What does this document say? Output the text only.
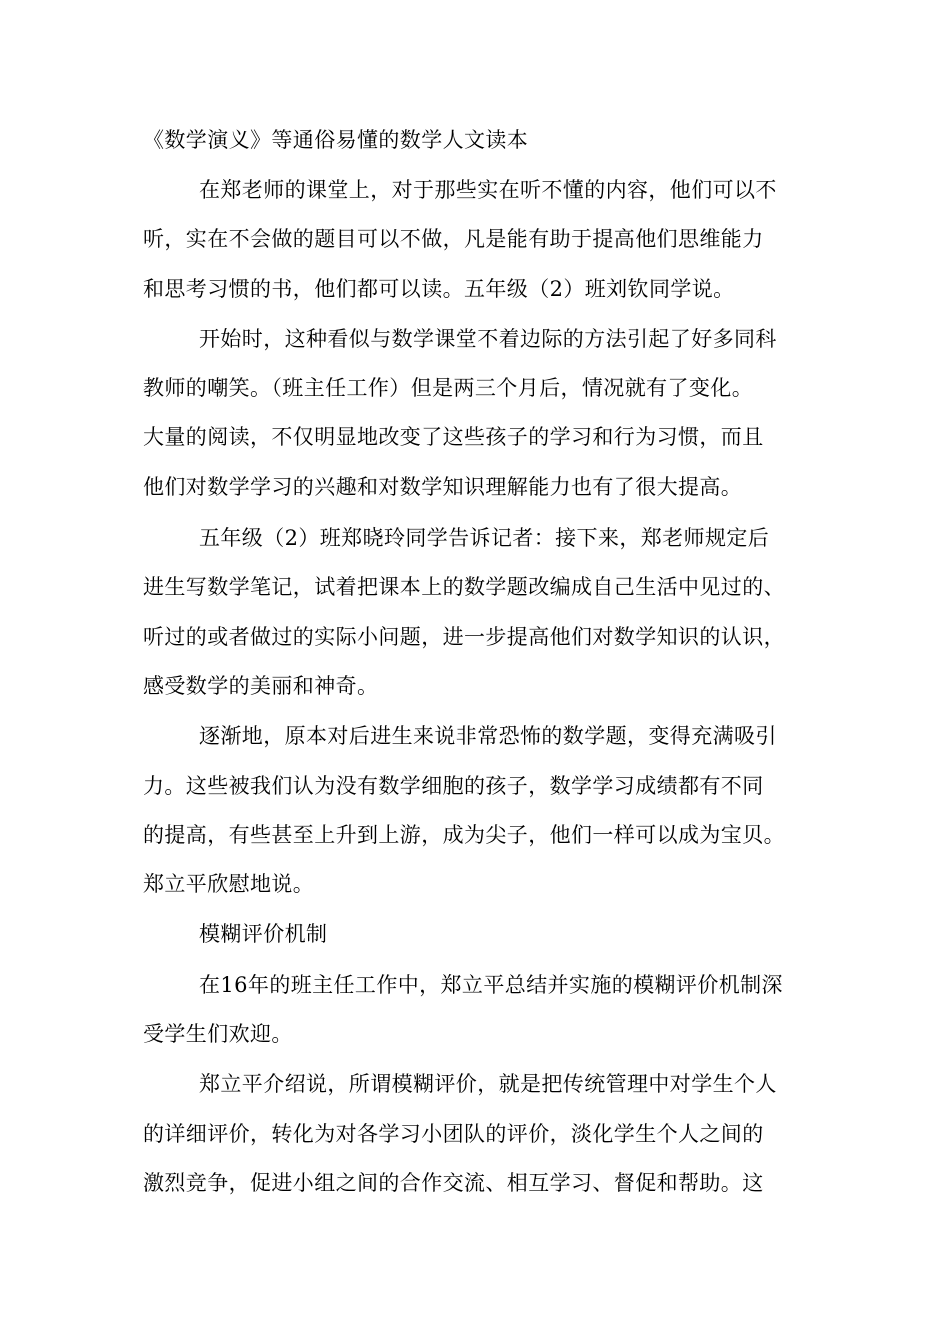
《数学演义》等通俗易懂的数学人文读本
在郑老师的课堂上，对于那些实在听不懂的内容，他们可以不
听，实在不会做的题目可以不做，凡是能有助于提高他们思维能力
和思考习惯的书，他们都可以读。五年级（2）班刘钦同学说。
开始时，这种看似与数学课堂不着边际的方法引起了好多同科
教师的嘲笑。（班主任工作）但是两三个月后，情况就有了变化。
大量的阅读，不仅明显地改变了这些孩子的学习和行为习惯，而且
他们对数学学习的兴趣和对数学知识理解能力也有了很大提高。
五年级（2）班郑晓玲同学告诉记者：接下来，郑老师规定后
进生写数学笔记，试着把课本上的数学题改编成自己生活中见过的、
听过的或者做过的实际小问题，进一步提高他们对数学知识的认识，
感受数学的美丽和神奇。
逐渐地，原本对后进生来说非常恐怖的数学题，变得充满吸引
力。这些被我们认为没有数学细胞的孩子，数学学习成绩都有不同
的提高，有些甚至上升到上游，成为尖子，他们一样可以成为宝贝。
郑立平欣慰地说。
模糊评价机制
在16年的班主任工作中，郑立平总结并实施的模糊评价机制深
受学生们欢迎。
郑立平介绍说，所谓模糊评价，就是把传统管理中对学生个人
的详细评价，转化为对各学习小团队的评价，淡化学生个人之间的
激烈竞争，促进小组之间的合作交流、相互学习、督促和帮助。这
